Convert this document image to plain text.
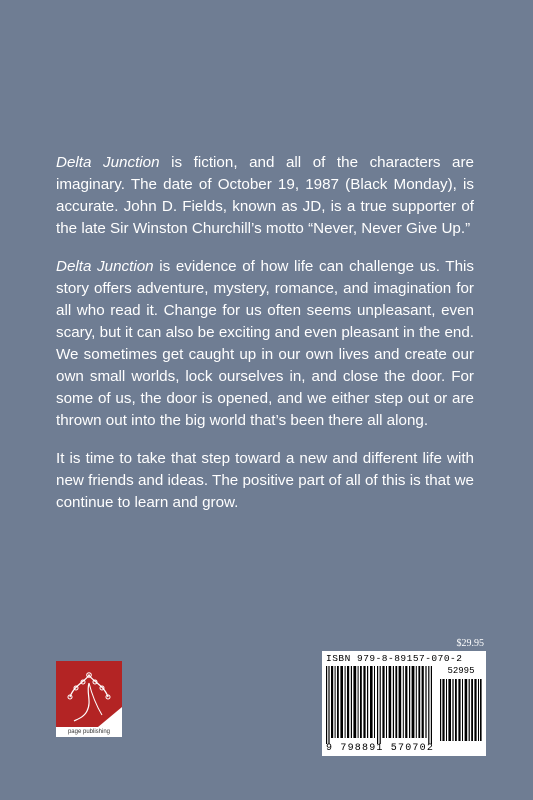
Delta Junction is fiction, and all of the characters are imaginary. The date of October 19, 1987 (Black Monday), is accurate. John D. Fields, known as JD, is a true supporter of the late Sir Winston Churchill’s motto “Never, Never Give Up.”

Delta Junction is evidence of how life can challenge us. This story offers adventure, mystery, romance, and imagination for all who read it. Change for us often seems unpleasant, even scary, but it can also be exciting and even pleasant in the end. We sometimes get caught up in our own lives and create our own small worlds, lock ourselves in, and close the door. For some of us, the door is opened, and we either step out or are thrown out into the big world that’s been there all along.

It is time to take that step toward a new and different life with new friends and ideas. The positive part of all of this is that we continue to learn and grow.

page publishing
$29.95
ISBN 979-8-89157-070-2
52995
9 798891 570702
